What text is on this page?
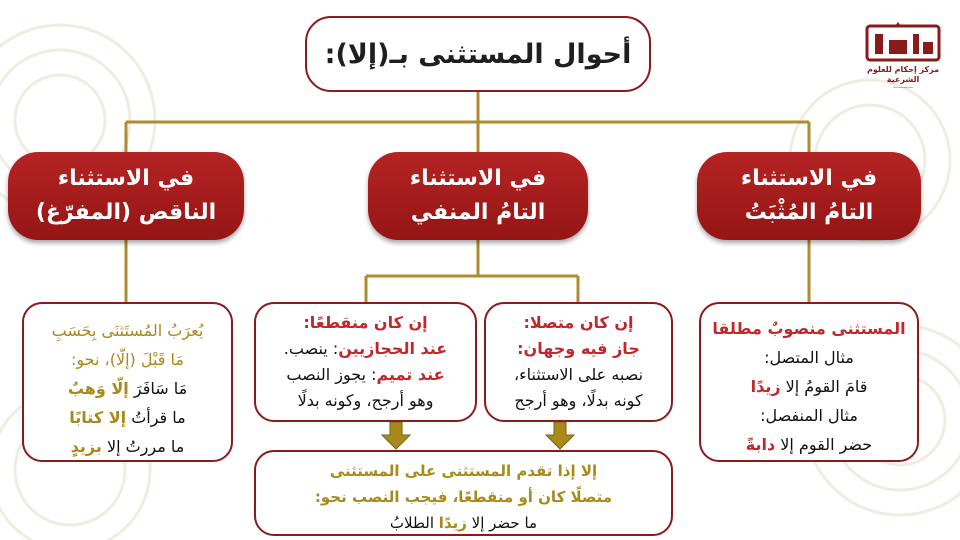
مركز إحكام للعلوم الشرعية
————
أحوال المستثنى بـ(إلا):
في الاستثناء
الناقص (المفرّغ)
في الاستثناء
التامُ المنفي
في الاستثناء
التامُ المُثْبَتُ
يُعرَبُ المُستَثنَى بِحَسَبِ
مَا قَبْلَ (إلّا)، نحو:
مَا سَافَرَ إلّا وَهبٌ
ما قرأتُ إلا كتابًا
ما مررتُ إلا بزيدٍ
إن كان منقطعًا:
عند الحجازيين: ينصب.
عند تميم: يجوز النصب
وهو أرجح، وكونه بدلًا
إن كان متصلا:
جاز فيه وجهان:
نصبه على الاستثناء،
كونه بدلًا، وهو أرجح
المستثنى منصوبٌ مطلقا
مثال المتصل:
قامَ القومُ إلا زيدًا
مثال المنفصل:
حضر القوم إلا دابةً
إلا إذا تقدم المستثنى على المستثنى
متصلًا كان أو منقطعًا، فيجب النصب نحو:
ما حضر إلا زيدًا الطلابُ
